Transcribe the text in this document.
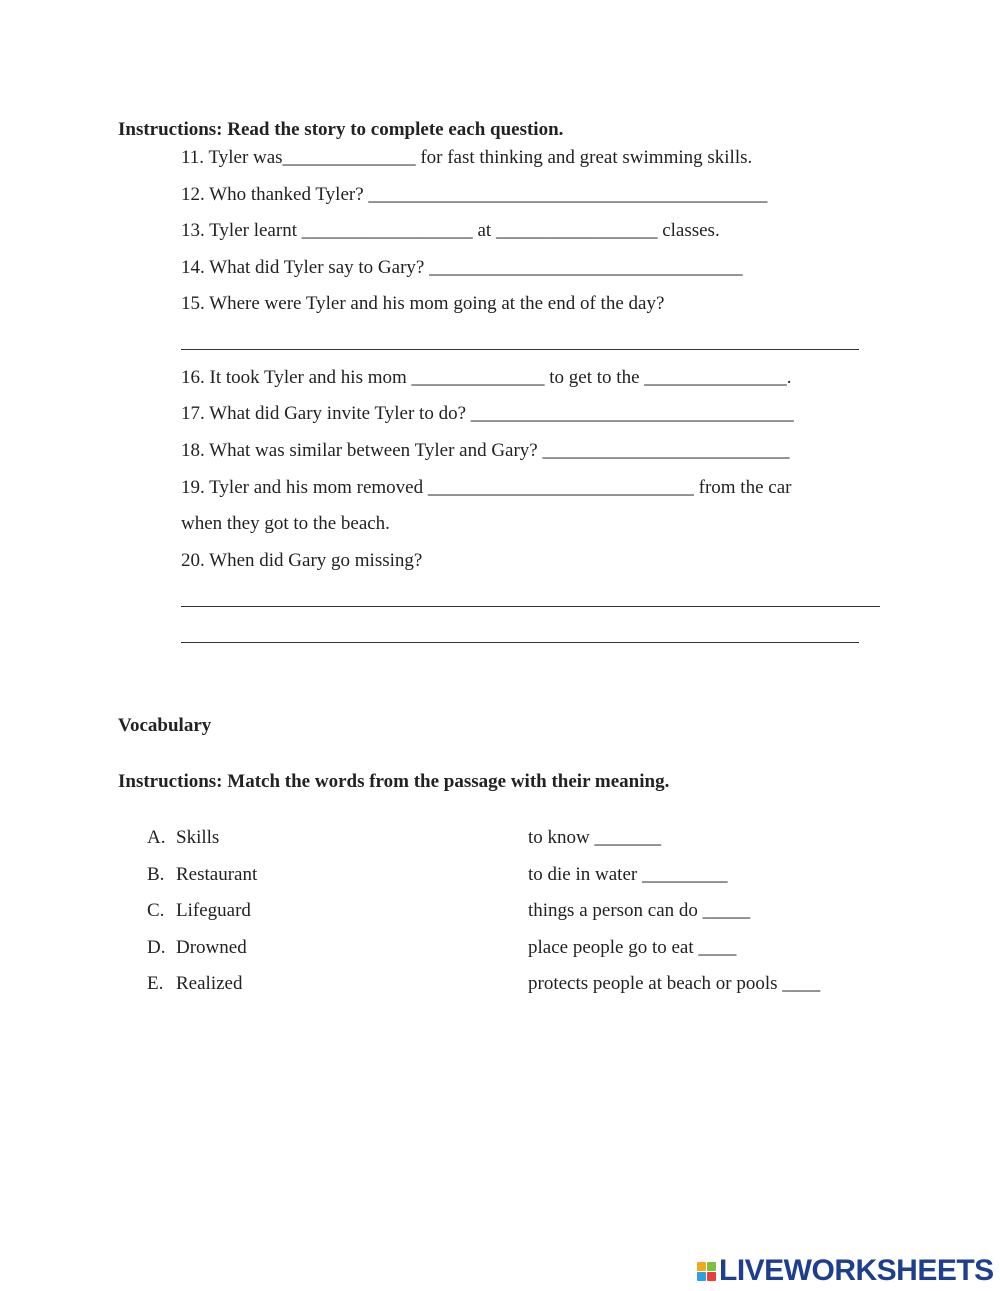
Instructions: Read the story to complete each question.
11. Tyler was______________ for fast thinking and great swimming skills.
12. Who thanked Tyler? __________________________________________
13. Tyler learnt __________________ at _________________ classes.
14. What did Tyler say to Gary? _________________________________
15. Where were Tyler and his mom going at the end of the day?
16. It took Tyler and his mom ______________ to get to the _______________.
17. What did Gary invite Tyler to do? __________________________________
18. What was similar between Tyler and Gary? __________________________
19. Tyler and his mom removed ____________________________ from the car
when they got to the beach.
20. When did Gary go missing?
Vocabulary
Instructions: Match the words from the passage with their meaning.
A. Skills
B. Restaurant
C. Lifeguard
D. Drowned
E. Realized
to know _______
to die in water _________
things a person can do _____
place people go to eat ____
protects people at beach or pools ____
LIVEWORKSHEETS
